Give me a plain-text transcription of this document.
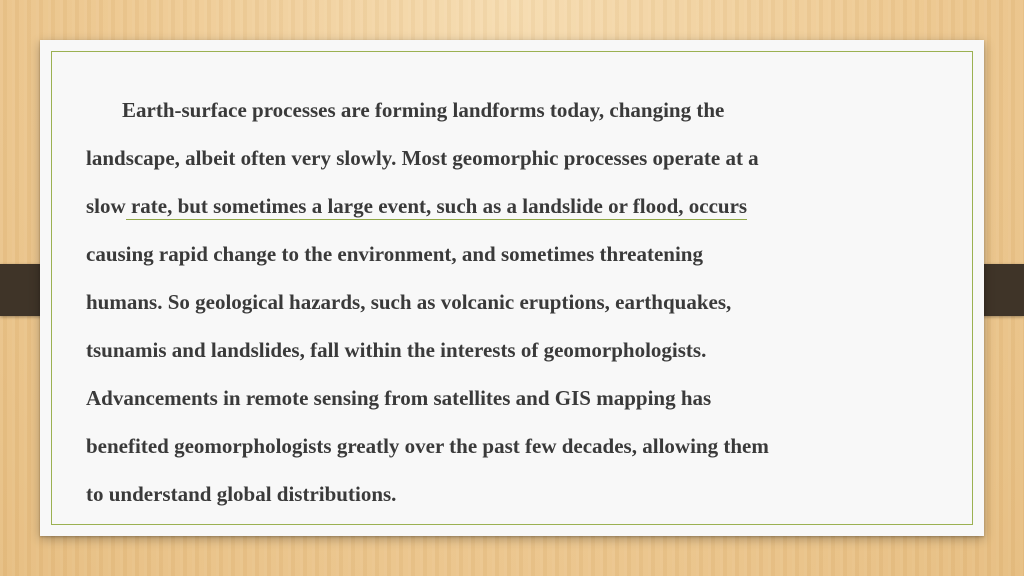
Earth-surface processes are forming landforms today, changing the
landscape, albeit often very slowly. Most geomorphic processes operate at a
slow rate, but sometimes a large event, such as a landslide or flood, occurs
causing rapid change to the environment, and sometimes threatening
humans. So geological hazards, such as volcanic eruptions, earthquakes,
tsunamis and landslides, fall within the interests of geomorphologists.
Advancements in remote sensing from satellites and GIS mapping has
benefited geomorphologists greatly over the past few decades, allowing them
to understand global distributions.
